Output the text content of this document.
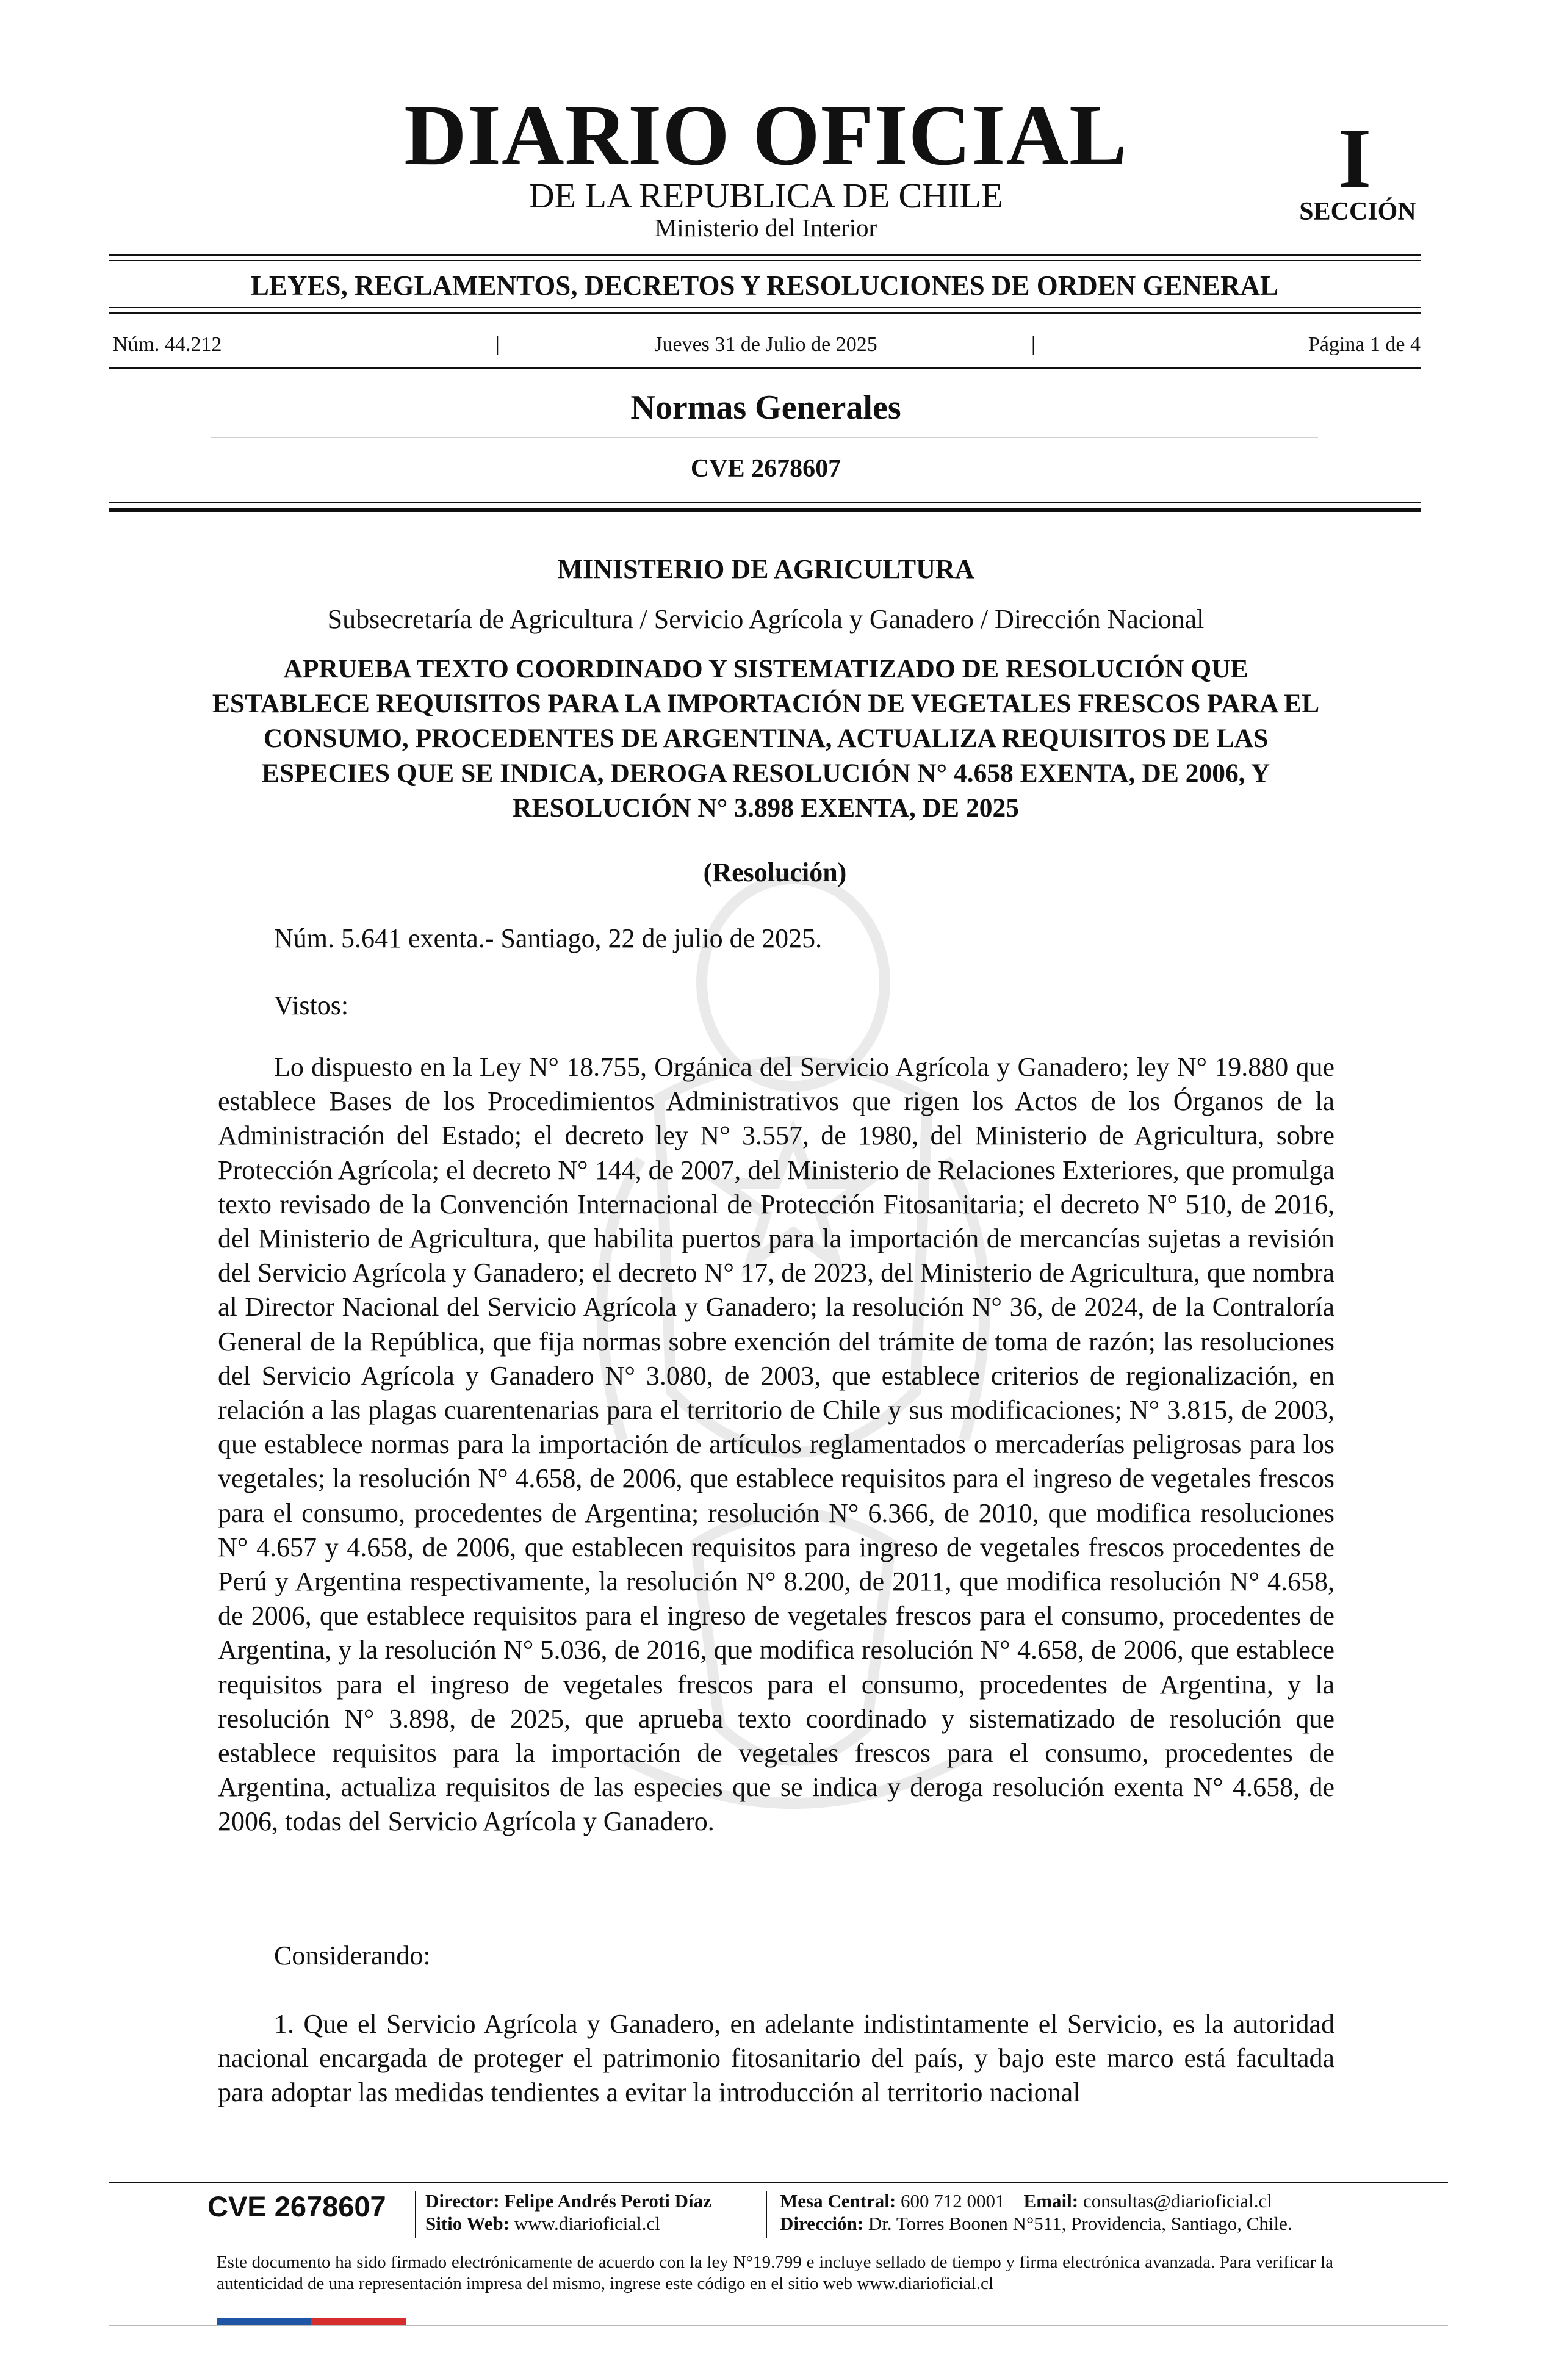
DIARIO OFICIAL
DE LA REPUBLICA DE CHILE
Ministerio del Interior
I
SECCIÓN
LEYES, REGLAMENTOS, DECRETOS Y RESOLUCIONES DE ORDEN GENERAL
Núm. 44.212	|	Jueves 31 de Julio de 2025	|	Página 1 de 4
Normas Generales
CVE 2678607
MINISTERIO DE AGRICULTURA
Subsecretaría de Agricultura / Servicio Agrícola y Ganadero / Dirección Nacional
APRUEBA TEXTO COORDINADO Y SISTEMATIZADO DE RESOLUCIÓN QUE ESTABLECE REQUISITOS PARA LA IMPORTACIÓN DE VEGETALES FRESCOS PARA EL CONSUMO, PROCEDENTES DE ARGENTINA, ACTUALIZA REQUISITOS DE LAS ESPECIES QUE SE INDICA, DEROGA RESOLUCIÓN N° 4.658 EXENTA, DE 2006, Y RESOLUCIÓN N° 3.898 EXENTA, DE 2025
(Resolución)
Núm. 5.641 exenta.- Santiago, 22 de julio de 2025.
Vistos:
Lo dispuesto en la Ley N° 18.755, Orgánica del Servicio Agrícola y Ganadero; ley N° 19.880 que establece Bases de los Procedimientos Administrativos que rigen los Actos de los Órganos de la Administración del Estado; el decreto ley N° 3.557, de 1980, del Ministerio de Agricultura, sobre Protección Agrícola; el decreto N° 144, de 2007, del Ministerio de Relaciones Exteriores, que promulga texto revisado de la Convención Internacional de Protección Fitosanitaria; el decreto N° 510, de 2016, del Ministerio de Agricultura, que habilita puertos para la importación de mercancías sujetas a revisión del Servicio Agrícola y Ganadero; el decreto N° 17, de 2023, del Ministerio de Agricultura, que nombra al Director Nacional del Servicio Agrícola y Ganadero; la resolución N° 36, de 2024, de la Contraloría General de la República, que fija normas sobre exención del trámite de toma de razón; las resoluciones del Servicio Agrícola y Ganadero N° 3.080, de 2003, que establece criterios de regionalización, en relación a las plagas cuarentenarias para el territorio de Chile y sus modificaciones; N° 3.815, de 2003, que establece normas para la importación de artículos reglamentados o mercaderías peligrosas para los vegetales; la resolución N° 4.658, de 2006, que establece requisitos para el ingreso de vegetales frescos para el consumo, procedentes de Argentina; resolución N° 6.366, de 2010, que modifica resoluciones N° 4.657 y 4.658, de 2006, que establecen requisitos para ingreso de vegetales frescos procedentes de Perú y Argentina respectivamente, la resolución N° 8.200, de 2011, que modifica resolución N° 4.658, de 2006, que establece requisitos para el ingreso de vegetales frescos para el consumo, procedentes de Argentina, y la resolución N° 5.036, de 2016, que modifica resolución N° 4.658, de 2006, que establece requisitos para el ingreso de vegetales frescos para el consumo, procedentes de Argentina, y la resolución N° 3.898, de 2025, que aprueba texto coordinado y sistematizado de resolución que establece requisitos para la importación de vegetales frescos para el consumo, procedentes de Argentina, actualiza requisitos de las especies que se indica y deroga resolución exenta N° 4.658, de 2006, todas del Servicio Agrícola y Ganadero.
Considerando:
1. Que el Servicio Agrícola y Ganadero, en adelante indistintamente el Servicio, es la autoridad nacional encargada de proteger el patrimonio fitosanitario del país, y bajo este marco está facultada para adoptar las medidas tendientes a evitar la introducción al territorio nacional
CVE 2678607	Director: Felipe Andrés Peroti Díaz
Sitio Web: www.diarioficial.cl
Mesa Central: 600 712 0001 Email: consultas@diarioficial.cl
Dirección: Dr. Torres Boonen N°511, Providencia, Santiago, Chile.
Este documento ha sido firmado electrónicamente de acuerdo con la ley N°19.799 e incluye sellado de tiempo y firma electrónica avanzada. Para verificar la autenticidad de una representación impresa del mismo, ingrese este código en el sitio web www.diarioficial.cl
